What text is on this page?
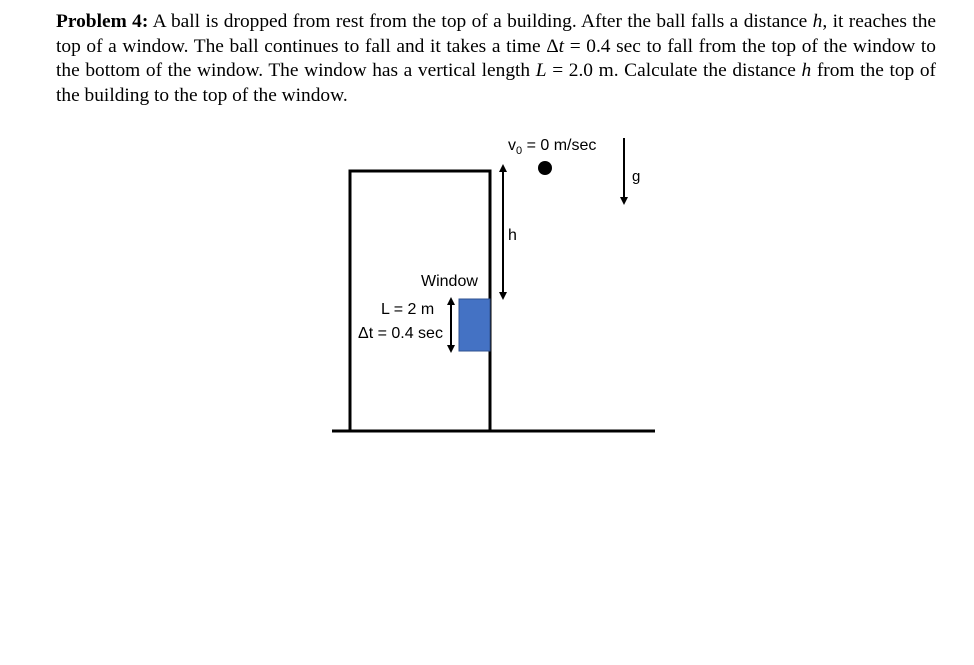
Problem 4: A ball is dropped from rest from the top of a building. After the ball falls a distance h, it reaches the top of a window. The ball continues to fall and it takes a time Δt = 0.4 sec to fall from the top of the window to the bottom of the window. The window has a vertical length L = 2.0 m. Calculate the distance h from the top of the building to the top of the window.
$v_0 = 0$ m/sec
g
h
Window
L = 2 m
Δt = 0.4 sec
